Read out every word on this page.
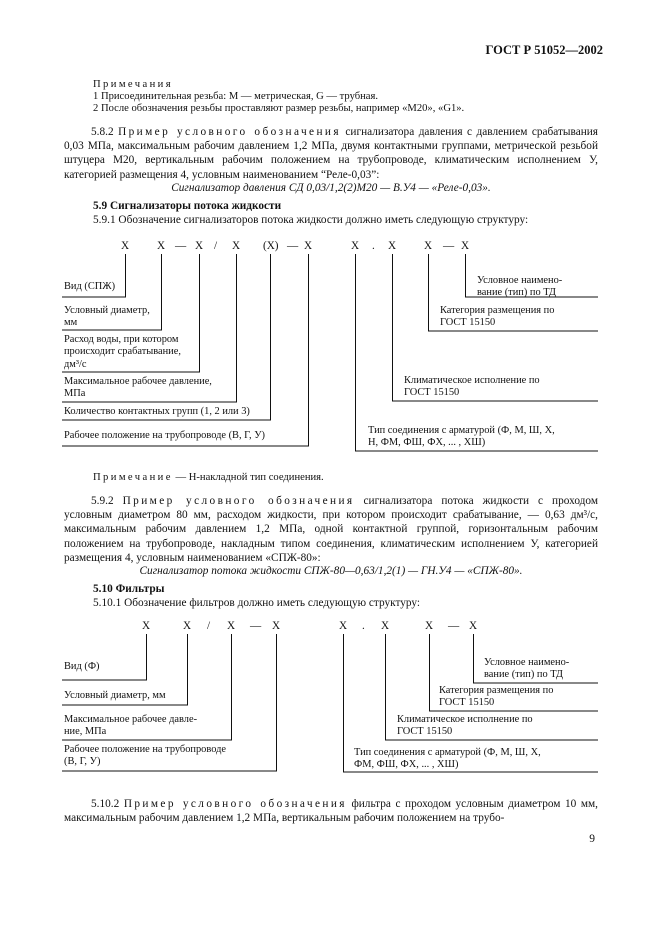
ГОСТ Р 51052—2002
Примечания
1 Присоединительная резьба: M — метрическая, G — трубная.
2 После обозначения резьбы проставляют размер резьбы, например «M20», «G1».
5.8.2 Пример условного обозначения сигнализатора давления с давлением срабатывания 0,03 МПа, максимальным рабочим давлением 1,2 МПа, двумя контактными группами, метрической резьбой штуцера M20, вертикальным рабочим положением на трубопроводе, климатическим исполнением У, категорией размещения 4, условным наименованием “Реле-0,03”:
Сигнализатор давления СД 0,03/1,2(2)M20 — В.У4 — «Реле-0,03».
5.9 Сигнализаторы потока жидкости
5.9.1 Обозначение сигнализаторов потока жидкости должно иметь следующую структуру:
X X — X / X (X) — X	X . X X — X
Вид (СПЖ)
Условный диаметр,
мм
Расход воды, при котором
происходит срабатывание,
дм³/с
Максимальное рабочее давление,
МПа
Количество контактных групп (1, 2 или 3)
Рабочее положение на трубопроводе (В, Г, У)
Условное наимено-
вание (тип) по ТД
Категория размещения по
ГОСТ 15150
Климатическое исполнение по
ГОСТ 15150
Тип соединения с арматурой (Ф, М, Ш, Х,
Н, ФМ, ФШ, ФХ, ... , ХШ)
Примечание — Н-накладной тип соединения.
5.9.2 Пример условного обозначения сигнализатора потока жидкости с проходом условным диаметром 80 мм, расходом жидкости, при котором происходит срабатывание, — 0,63 дм³/с, максимальным рабочим давлением 1,2 МПа, одной контактной группой, горизонтальным рабочим положением на трубопроводе, накладным типом соединения, климатическим исполнением У, категорией размещения 4, условным наименованием «СПЖ-80»:
Сигнализатор потока жидкости СПЖ-80—0,63/1,2(1) — ГН.У4 — «СПЖ-80».
5.10 Фильтры
5.10.1 Обозначение фильтров должно иметь следующую структуру:
X	X / X — X	X . X	X — X
Вид (Ф)
Условный диаметр, мм
Максимальное рабочее давле-
ние, МПа
Рабочее положение на трубопроводе
(В, Г, У)
Условное наимено-
вание (тип) по ТД
Категория размещения по
ГОСТ 15150
Климатическое исполнение по
ГОСТ 15150
Тип соединения с арматурой (Ф, М, Ш, Х,
ФМ, ФШ, ФХ, ... , ХШ)
5.10.2 Пример условного обозначения фильтра с проходом условным диаметром 10 мм, максимальным рабочим давлением 1,2 МПа, вертикальным рабочим положением на трубо-
9
